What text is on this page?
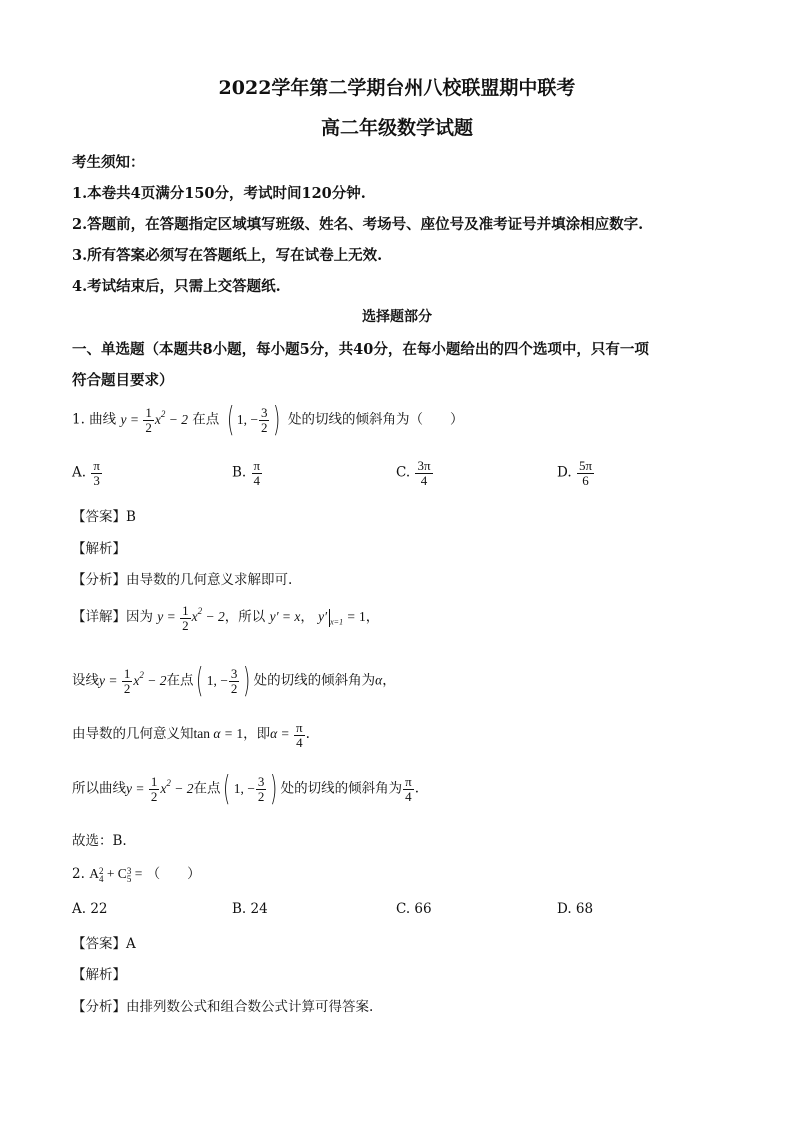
2022学年第二学期台州八校联盟期中联考
高二年级数学试题
考生须知：
1.本卷共4页满分150分，考试时间120分钟.
2.答题前，在答题指定区域填写班级、姓名、考场号、座位号及准考证号并填涂相应数字.
3.所有答案必须写在答题纸上，写在试卷上无效.
4.考试结束后，只需上交答题纸.
选择题部分
一、单选题（本题共8小题，每小题5分，共40分，在每小题给出的四个选项中，只有一项
符合题目要求）
1. 曲线 $y = \frac{1}{2} x^2 - 2$ 在点 ( 1, − $\frac{3}{2}$ ) 处的切线的倾斜角为（　　）
A. $\frac{\pi}{3}$	B. $\frac{\pi}{4}$	C. $\frac{3\pi}{4}$	D. $\frac{5\pi}{6}$
【答案】B
【解析】
【分析】由导数的几何意义求解即可.
【详解】因为 $y = \frac{1}{2} x^2 - 2$，所以 y′ = x， y′ $_{x=1}$ = 1，
设线$y = \frac{1}{2} x^2 - 2$在点( 1, − $\frac{3}{2}$ ) 处的切线的倾斜角为α，
由导数的几何意义知tan α = 1，即$\alpha = \frac{\pi}{4}$ .
所以曲线$y = \frac{1}{2} x^2 - 2$在点( 1, − $\frac{3}{2}$ ) 处的切线的倾斜角为 $\frac{\pi}{4}$ .
故选：B.
2. A 2
4 + C 3
5 = （　　）
A. 22	B. 24	C. 66	D. 68
【答案】A
【解析】
【分析】由排列数公式和组合数公式计算可得答案.
